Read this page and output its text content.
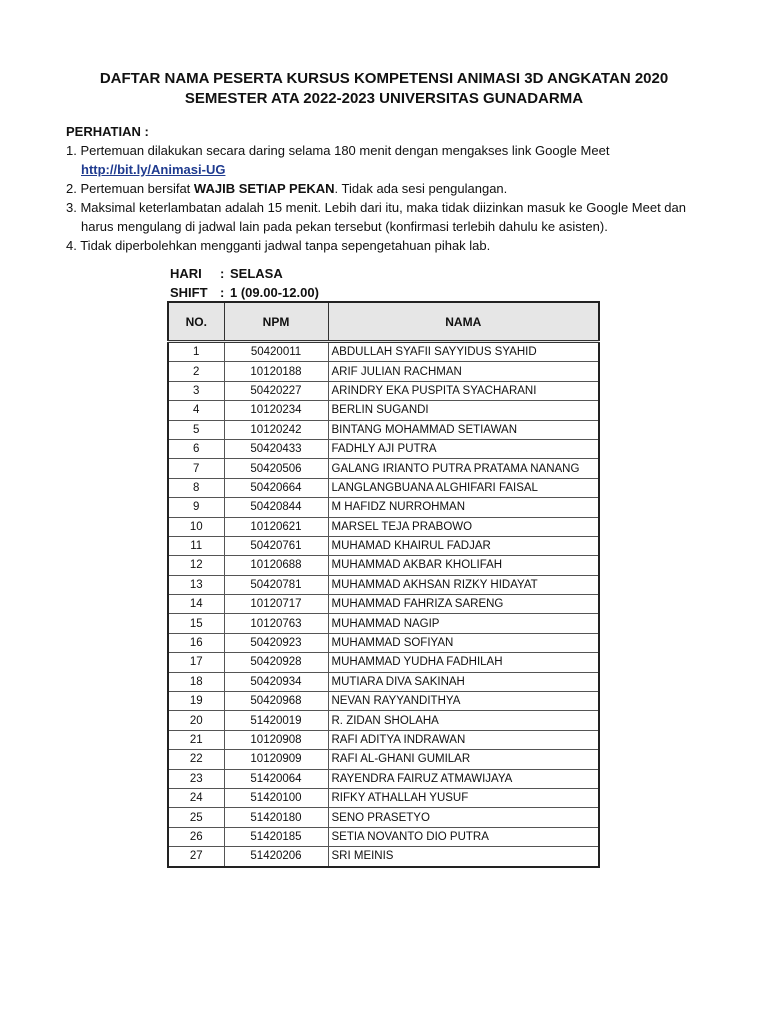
DAFTAR NAMA PESERTA KURSUS KOMPETENSI ANIMASI 3D ANGKATAN 2020
SEMESTER ATA 2022-2023 UNIVERSITAS GUNADARMA
PERHATIAN :
1. Pertemuan dilakukan secara daring selama 180 menit dengan mengakses link Google Meet
http://bit.ly/Animasi-UG
2. Pertemuan bersifat WAJIB SETIAP PEKAN. Tidak ada sesi pengulangan.
3. Maksimal keterlambatan adalah 15 menit. Lebih dari itu, maka tidak diizinkan masuk ke Google Meet dan
harus mengulang di jadwal lain pada pekan tersebut (konfirmasi terlebih dahulu ke asisten).
4. Tidak diperbolehkan mengganti jadwal tanpa sepengetahuan pihak lab.
HARI	: SELASA
SHIFT : 1 (09.00-12.00)
NO.	NPM	NAMA
1	50420011	ABDULLAH SYAFII SAYYIDUS SYAHID
2	10120188	ARIF JULIAN RACHMAN
3	50420227	ARINDRY EKA PUSPITA SYACHARANI
4	10120234	BERLIN SUGANDI
5	10120242	BINTANG MOHAMMAD SETIAWAN
6	50420433	FADHLY AJI PUTRA
7	50420506	GALANG IRIANTO PUTRA PRATAMA NANANG
8	50420664	LANGLANGBUANA ALGHIFARI FAISAL
9	50420844	M HAFIDZ NURROHMAN
10	10120621	MARSEL TEJA PRABOWO
11	50420761	MUHAMAD KHAIRUL FADJAR
12	10120688	MUHAMMAD AKBAR KHOLIFAH
13	50420781	MUHAMMAD AKHSAN RIZKY HIDAYAT
14	10120717	MUHAMMAD FAHRIZA SARENG
15	10120763	MUHAMMAD NAGIP
16	50420923	MUHAMMAD SOFIYAN
17	50420928	MUHAMMAD YUDHA FADHILAH
18	50420934	MUTIARA DIVA SAKINAH
19	50420968	NEVAN RAYYANDITHYA
20	51420019	R. ZIDAN SHOLAHA
21	10120908	RAFI ADITYA INDRAWAN
22	10120909	RAFI AL-GHANI GUMILAR
23	51420064	RAYENDRA FAIRUZ ATMAWIJAYA
24	51420100	RIFKY ATHALLAH YUSUF
25	51420180	SENO PRASETYO
26	51420185	SETIA NOVANTO DIO PUTRA
27	51420206	SRI MEINIS
